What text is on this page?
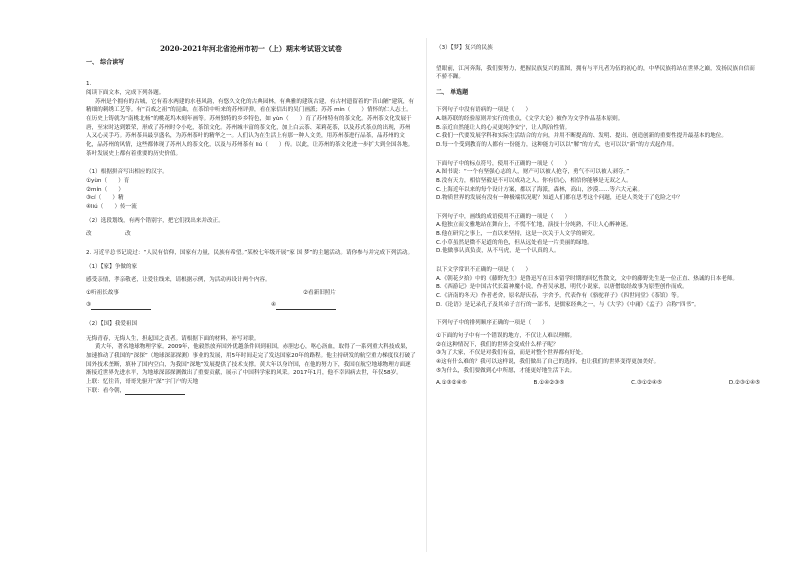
2020-2021年河北省沧州市初一（上）期末考试语文试卷
一、 综合读写
1.
阅读下面文本，完成下列各题。
苏州是个拥有的古城，它有着水两建的水巷风韵，有悠久文化的古典园林，有典雅的建筑古建，有古村遗留着的“昔山陋”建筑，有精细的刺绣工艺等。有“百戏之祖”的昆曲，在茶馆中听来的苏州评弹，看在家信出的吴门画派；苏苏 mín（　　）情怀的仁人志士。在历史上铸就为“南桃北杨”的桃花坞木刻年画等。苏州独特的乡乡特色，如 yùn（　　）育了苏州特有的茶文化。苏州茶文化发展于唐，至宋时达到繁荣，形成了苏州时令小吃，茶馆文化。苏州城丰富的茶文化，加上白云茶、茉莉花茶，以及苏式茶点的出现，苏州人又心灵手巧。苏州茶具最享盛名，为苏州茶叶的精华之一。人们认为在生活上有那一种人文美，用苏州茶进行品茶，品苏州的文化，品苏州的风情，这些都体现了苏州人的茶文化，以及与苏州茶有 liú（　　）传。以此，让苏州的茶文化进一步扩大到全国各地。
茶叶发展史上都有着重要的历史价值。
（1）根据拼音写出相应的汉字。
①yùn（　　）育
②mín（　　）
③cí（　　）精
④liú（　　）传一流
（2）选段划线，有两个错别字，把它们找出来并改正。
改　　　　　　改
2. 习近平总书记说过：“人民有信仰，国家有力量，民族有希望。”某校七年级开展“家 国 梦”的主题活动。请你参与并完成下列活动。
（1）【家】争做的家
感受亲情，孝亲敬老，让爱往线来，请根据示例，为活动再设计两个内容。
①听祖长故事	②看新旧照片
③	④
（2）【国】我爱祖国
无悔青春，无悔人生，担起国之责者。请根据下面的材料，补写对联。
黄大年，著名地球物理学家。2009年，他毅然放弃国外优越条件回到祖国，赤胆忠心，呕心沥血，取得了一系列重大科技成果，加速推动了我国的“深探”（地球深部探测）事业的发展，用5年时间走完了发达国家20年的路程。他主持研发的航空重力梯度仪打破了国外技术垄断，填补了国内空白，为我国“深地”发展提供了技术支撑。黄大年以身许国，在他的努力下，我国在航空地球物理方面逐渐接近世界先进水平，为地球深部探测做出了重要贡献，展示了中国科学家的风采。2017年1月，他不幸因病去世，年仅58岁。
上联：忆往昔，哥哥先驱开“深”字门户的天地
下联：看今朝，
（3）【梦】复兴的民族
望眼前，江河奔海，我们要努力，把握民族复兴的蓝图，拥有与平凡者为伍的初心的，中华民族将站在世界之巅，发扬民族自信而不骄不躁。
二、 单选题
下列句子中没有语病的一项是（　　）
A.继苏联的经验原则并实行的重点，《文学大论》被作为文学作品基本原则。
B.亲近自然能让人的心灵更纯净安宁，让人陶冶性情。
C.我们一代要发展学科和实际生活结合的方向，并用不断提高的、发明、提出、创造创新的重要性提升最基本的地位。
D.每一个受到教育的人都有一份能力，这种能力可以以“解”的方式，也可以以“新”的方式起作用。
下面句子中的标点符号，使用不正确的一项是（　　）
A.图书说：“一个有坚强心志的人，财产可以被人抢夺，勇气不可以被人剥夺。”
B.没有天力，相信坚毅是不可以成功之人。你有信心，相信你能够是无双之人。
C.上海近年以来的每个设计方案，都以了海派，森林，高山，沙漠……等六大元素。
D.物质世界的发展有没有一种极端状况呢？知道人们都在思考这个问题，还是人类处于了危险之中？
下列句子中，画线的成语使用不正确的一项是（　　）
A.他独立而文雅地站在舞台上，不慌不忙地，演技十分纯熟，不让人心醉神迷。
B.他在研究之事上，一直以来坚持，这是一次关于人文学的研究。
C.小草虽然是微不足道的角色，但从远处看是一片美丽的绿地。
D.他做事认真负责，从不马虎，是一个认真的人。
以下文学常识不正确的一项是（　　）
A.《朝花夕拾》中的《藤野先生》是鲁迅写在日本留学时期的回忆性散文，文中的藤野先生是一位正直、热诚的日本老师。
B.《西游记》是中国古代长篇神魔小说，作者吴承恩，明代小说家，以唐僧取经故事为原型创作而成。
C.《济南的冬天》作者老舍，原名舒庆春，字舍予，代表作有《骆驼祥子》《四世同堂》《茶馆》等。
D.《论语》是记录孔子及其弟子言行的一部书，是儒家经典之一，与《大学》《中庸》《孟子》合称“四书”。
下列句子中的排列顺序正确的一项是（　　）
①下面的句子中有一个错误的地方，不仅让人难以理解。
②在这种情况下，我们的世界会变成什么样子呢？
③为了大家，不仅是对我们有益，而是对整个世界都有好处。
④这有什么难的？我可以这样说，我们做出了自己的选择，也让我们的世界变得更加美好。
⑤为什么，我们要做到心中所愿，才能更好地生活下去。
A.①③②④⑤	B.①④②③⑤	C.③①②④⑤	D.②③①④⑤
